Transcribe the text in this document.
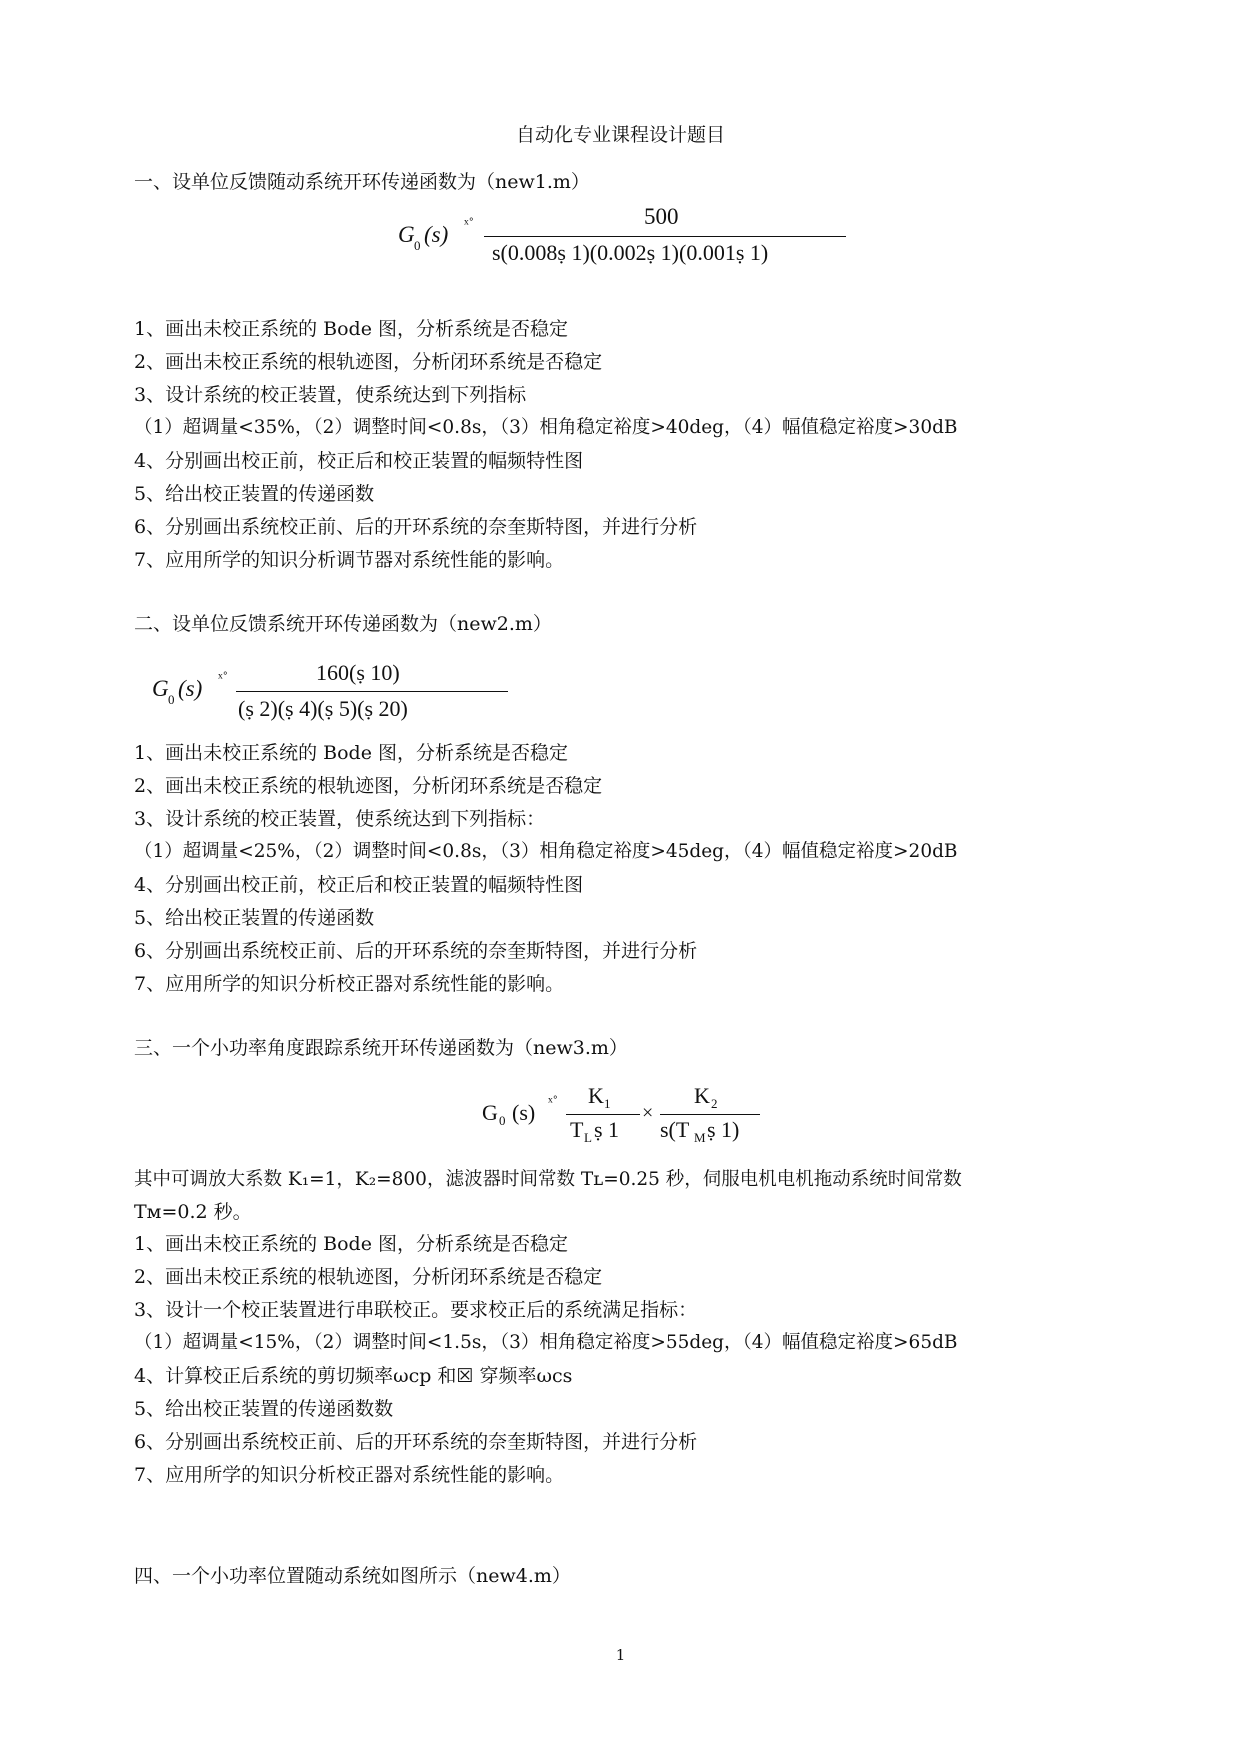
自动化专业课程设计题目
一、设单位反馈随动系统开环传递函数为（new1.m）
G 0 (s) ˣ˚	500
s(0.008ṣ 1)(0.002ṣ 1)(0.001ṣ 1)
1、画出未校正系统的 Bode 图，分析系统是否稳定
2、画出未校正系统的根轨迹图，分析闭环系统是否稳定
3、设计系统的校正装置，使系统达到下列指标
（1）超调量<35%，（2）调整时间<0.8s，（3）相角稳定裕度>40deg，（4）幅值稳定裕度>30dB
4、分别画出校正前，校正后和校正装置的幅频特性图
5、给出校正装置的传递函数
6、分别画出系统校正前、后的开环系统的奈奎斯特图，并进行分析
7、应用所学的知识分析调节器对系统性能的影响。
二、设单位反馈系统开环传递函数为（new2.m）
G 0 (s) ˣ˚	160(ṣ 10)
(ṣ 2)(ṣ 4)(ṣ 5)(ṣ 20)
1、画出未校正系统的 Bode 图，分析系统是否稳定
2、画出未校正系统的根轨迹图，分析闭环系统是否稳定
3、设计系统的校正装置，使系统达到下列指标：
（1）超调量<25%，（2）调整时间<0.8s，（3）相角稳定裕度>45deg，（4）幅值稳定裕度>20dB
4、分别画出校正前，校正后和校正装置的幅频特性图
5、给出校正装置的传递函数
6、分别画出系统校正前、后的开环系统的奈奎斯特图，并进行分析
7、应用所学的知识分析校正器对系统性能的影响。
三、一个小功率角度跟踪系统开环传递函数为（new3.m）
G 0 (s) ˣ˚ K 1
T L ṣ 1
×
K 2
s(T M ṣ 1)
其中可调放大系数 K₁=1，K₂=800，滤波器时间常数 Tʟ=0.25 秒，伺服电机电机拖动系统时间常数
Tᴍ=0.2 秒。
1、画出未校正系统的 Bode 图，分析系统是否稳定
2、画出未校正系统的根轨迹图，分析闭环系统是否稳定
3、设计一个校正装置进行串联校正。要求校正后的系统满足指标：
（1）超调量<15%，（2）调整时间<1.5s，（3）相角稳定裕度>55deg，（4）幅值稳定裕度>65dB
4、计算校正后系统的剪切频率ωcp 和☒ 穿频率ωcs
5、给出校正装置的传递函数数
6、分别画出系统校正前、后的开环系统的奈奎斯特图，并进行分析
7、应用所学的知识分析校正器对系统性能的影响。
四、一个小功率位置随动系统如图所示（new4.m）
1
